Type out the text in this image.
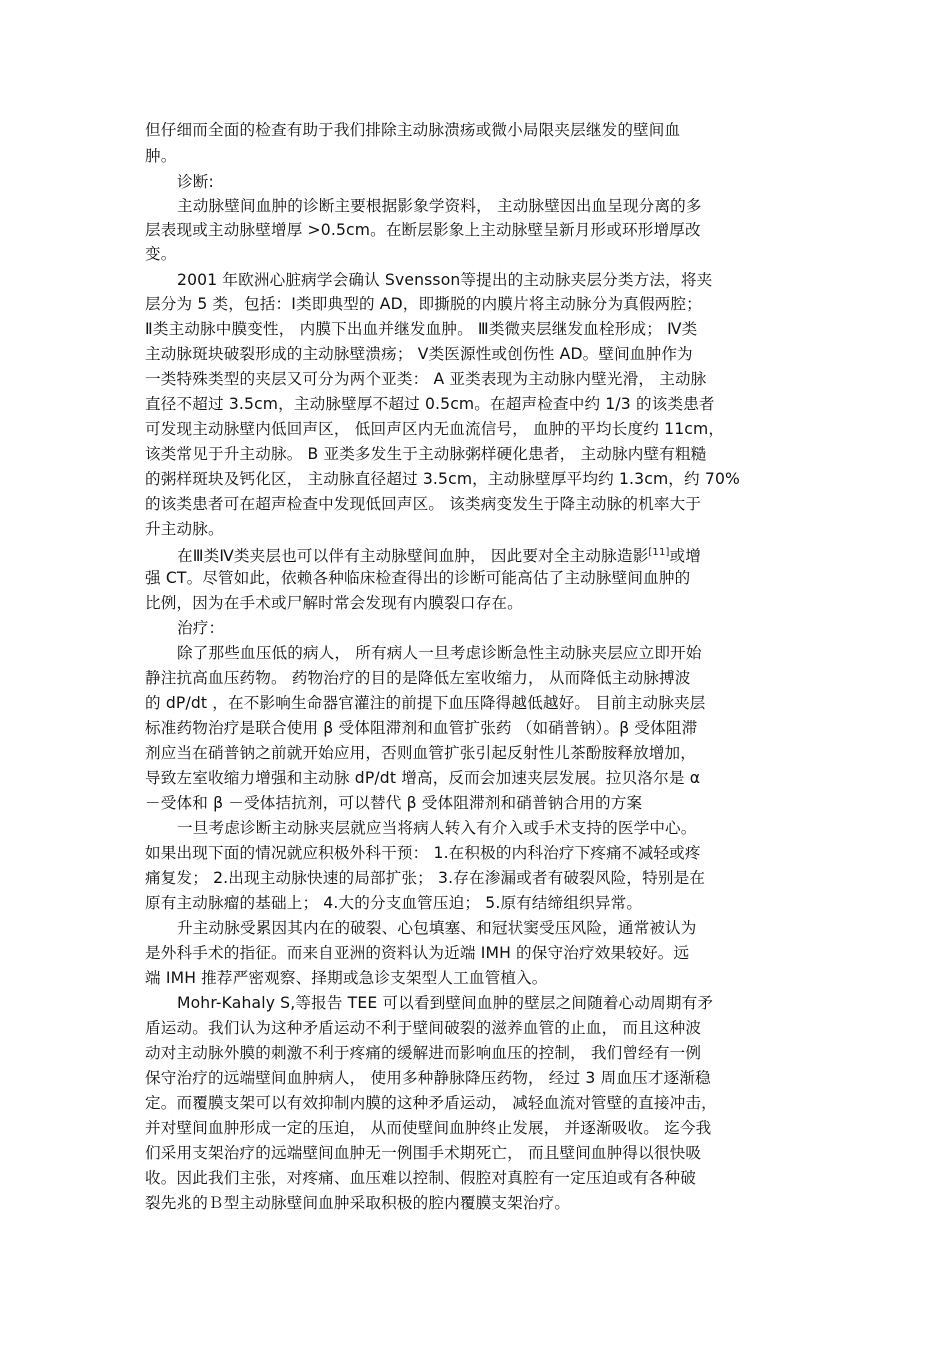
但仔细而全面的检查有助于我们排除主动脉溃疡或微小局限夹层继发的壁间血
肿。
诊断:
主动脉壁间血肿的诊断主要根据影象学资料， 主动脉壁因出血呈现分离的多
层表现或主动脉壁增厚 >0.5cm。在断层影象上主动脉壁呈新月形或环形增厚改
变。
2001 年欧洲心脏病学会确认 Svensson等提出的主动脉夹层分类方法，将夹
层分为 5 类，包括：Ⅰ类即典型的 AD，即撕脱的内膜片将主动脉分为真假两腔；
Ⅱ类主动脉中膜变性， 内膜下出血并继发血肿。 Ⅲ类微夹层继发血栓形成； Ⅳ类
主动脉斑块破裂形成的主动脉壁溃疡； Ⅴ类医源性或创伤性 AD。壁间血肿作为
一类特殊类型的夹层又可分为两个亚类： A 亚类表现为主动脉内壁光滑， 主动脉
直径不超过 3.5cm，主动脉壁厚不超过 0.5cm。在超声检查中约 1/3 的该类患者
可发现主动脉壁内低回声区， 低回声区内无血流信号， 血肿的平均长度约 11cm，
该类常见于升主动脉。 B 亚类多发生于主动脉粥样硬化患者， 主动脉内壁有粗糙
的粥样斑块及钙化区， 主动脉直径超过 3.5cm，主动脉壁厚平均约 1.3cm，约 70%
的该类患者可在超声检查中发现低回声区。 该类病变发生于降主动脉的机率大于
升主动脉。
在Ⅲ类Ⅳ类夹层也可以伴有主动脉壁间血肿， 因此要对全主动脉造影[11]或增
强 CT。尽管如此，依赖各种临床检查得出的诊断可能高估了主动脉壁间血肿的
比例，因为在手术或尸解时常会发现有内膜裂口存在。
治疗：
除了那些血压低的病人， 所有病人一旦考虑诊断急性主动脉夹层应立即开始
静注抗高血压药物。 药物治疗的目的是降低左室收缩力， 从而降低主动脉搏波
的 dP/dt ，在不影响生命器官灌注的前提下血压降得越低越好。 目前主动脉夹层
标准药物治疗是联合使用 β 受体阻滞剂和血管扩张药 （如硝普钠）。β 受体阻滞
剂应当在硝普钠之前就开始应用，否则血管扩张引起反射性儿茶酚胺释放增加，
导致左室收缩力增强和主动脉 dP/dt 增高，反而会加速夹层发展。拉贝洛尔是 α
－受体和 β －受体拮抗剂，可以替代 β 受体阻滞剂和硝普钠合用的方案
一旦考虑诊断主动脉夹层就应当将病人转入有介入或手术支持的医学中心。
如果出现下面的情况就应积极外科干预： 1.在积极的内科治疗下疼痛不减轻或疼
痛复发； 2.出现主动脉快速的局部扩张； 3.存在渗漏或者有破裂风险，特别是在
原有主动脉瘤的基础上； 4.大的分支血管压迫； 5.原有结缔组织异常。
升主动脉受累因其内在的破裂、心包填塞、和冠状窦受压风险，通常被认为
是外科手术的指征。而来自亚洲的资料认为近端 IMH 的保守治疗效果较好。远
端 IMH 推荐严密观察、择期或急诊支架型人工血管植入。
Mohr-Kahaly S,等报告 TEE 可以看到壁间血肿的壁层之间随着心动周期有矛
盾运动。我们认为这种矛盾运动不利于壁间破裂的滋养血管的止血， 而且这种波
动对主动脉外膜的刺激不利于疼痛的缓解进而影响血压的控制， 我们曾经有一例
保守治疗的远端壁间血肿病人， 使用多种静脉降压药物， 经过 3 周血压才逐渐稳
定。而覆膜支架可以有效抑制内膜的这种矛盾运动， 减轻血流对管壁的直接冲击，
并对壁间血肿形成一定的压迫， 从而使壁间血肿终止发展， 并逐渐吸收。 迄今我
们采用支架治疗的远端壁间血肿无一例围手术期死亡， 而且壁间血肿得以很快吸
收。因此我们主张，对疼痛、血压难以控制、假腔对真腔有一定压迫或有各种破
裂先兆的Ｂ型主动脉壁间血肿采取积极的腔内覆膜支架治疗。
